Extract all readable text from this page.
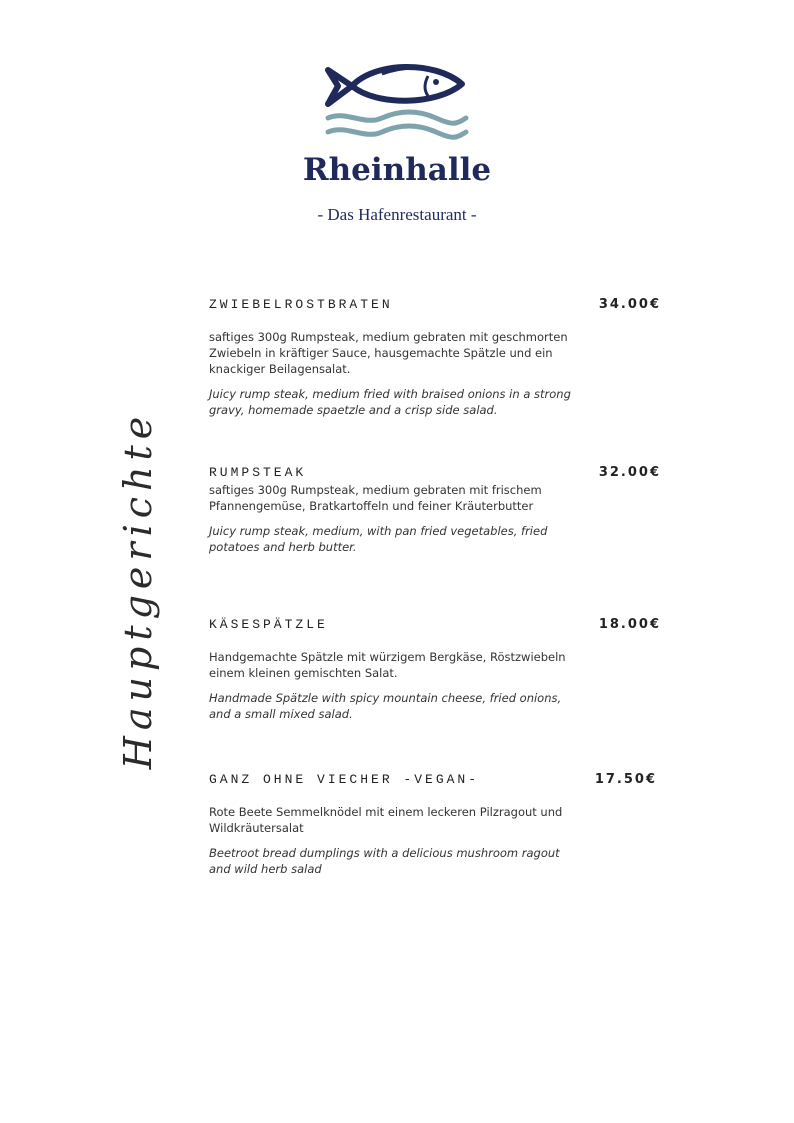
Rheinhalle
- Das Hafenrestaurant -
Hauptgerichte
ZWIEBELROSTBRATEN	34.00€

saftiges 300g Rumpsteak, medium gebraten mit geschmorten Zwiebeln in kräftiger Sauce, hausgemachte Spätzle und ein knackiger Beilagensalat.

Juicy rump steak, medium fried with braised onions in a strong gravy, homemade spaetzle and a crisp side salad.

RUMPSTEAK	32.00€

saftiges 300g Rumpsteak, medium gebraten mit frischem Pfannengemüse, Bratkartoffeln und feiner Kräuterbutter

Juicy rump steak, medium, with pan fried vegetables, fried potatoes and herb butter.

KÄSESPÄTZLE	18.00€

Handgemachte Spätzle mit würzigem Bergkäse, Röstzwiebeln einem kleinen gemischten Salat.

Handmade Spätzle with spicy mountain cheese, fried onions, and a small mixed salad.

GANZ OHNE VIECHER -VEGAN-	17.50€

Rote Beete Semmelknödel mit einem leckeren Pilzragout und Wildkräutersalat

Beetroot bread dumplings with a delicious mushroom ragout and wild herb salad
